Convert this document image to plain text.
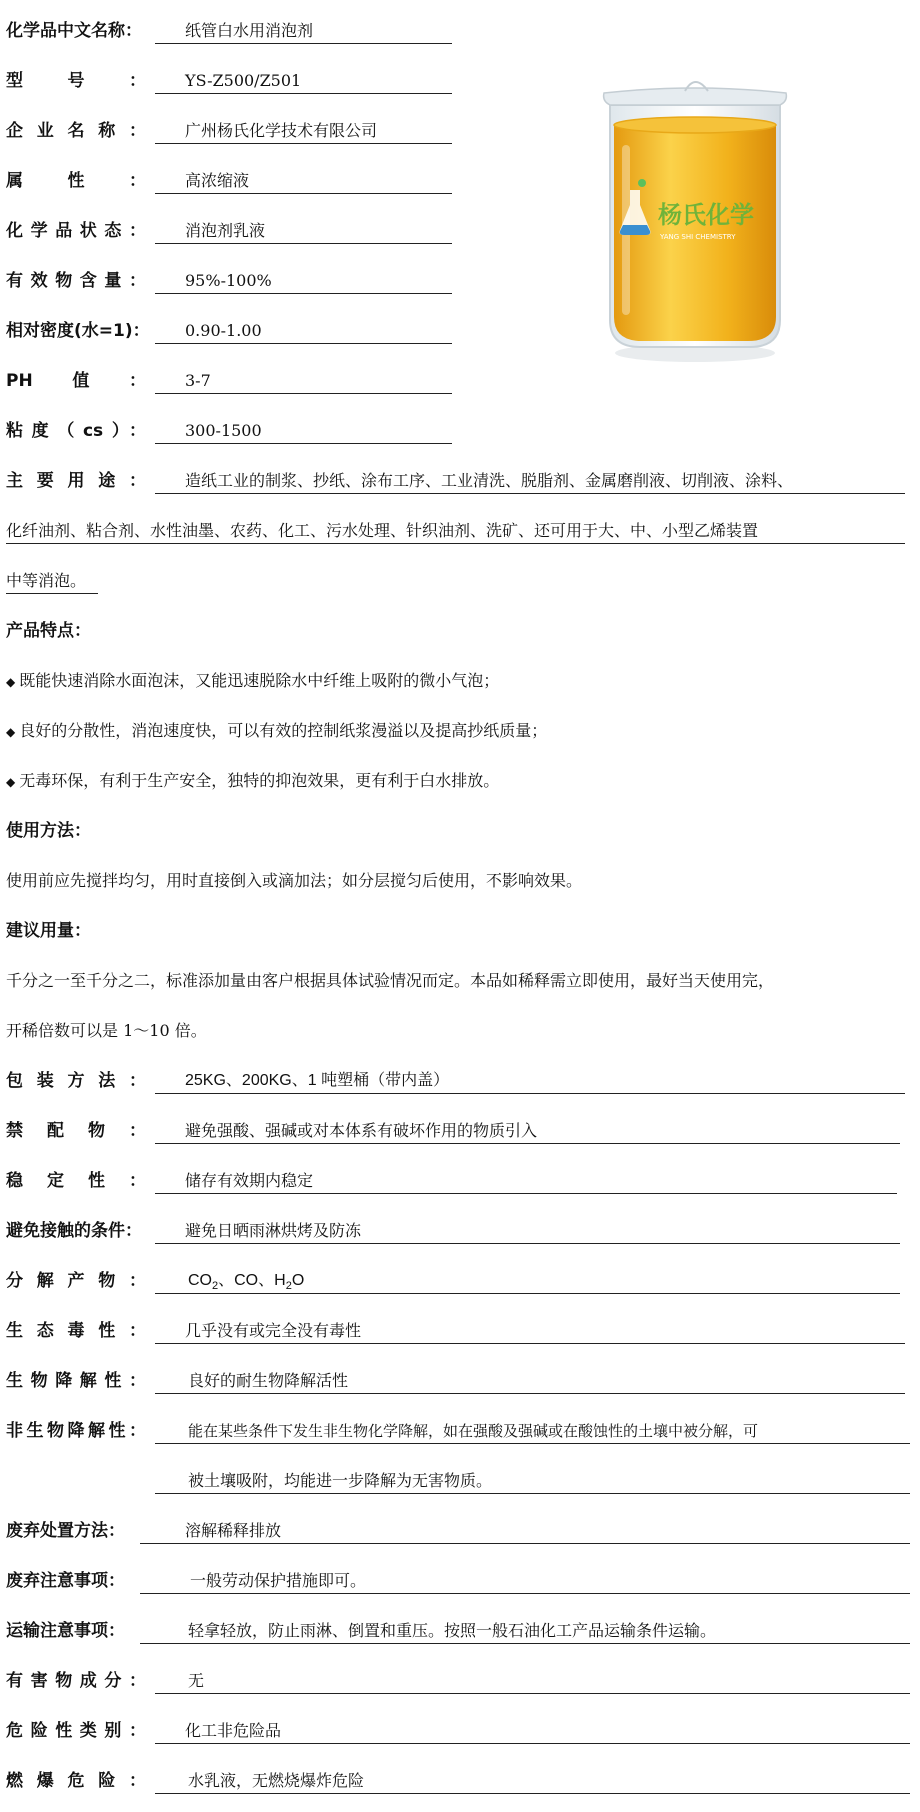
化学品中文名称：	纸管白水用消泡剂
型号： YS-Z500/Z501
企业名称： 广州杨氏化学技术有限公司
属性： 高浓缩液
化学品状态： 消泡剂乳液
有效物含量： 95%-100%
相对密度(水=1)： 0.90-1.00
PH值： 3-7
粘度（cs）： 300-1500
杨氏化学
YANG SHI CHEMISTRY
主要用途： 造纸工业的制浆、抄纸、涂布工序、工业清洗、脱脂剂、金属磨削液、切削液、涂料、
化纤油剂、粘合剂、水性油墨、农药、化工、污水处理、针织油剂、洗矿、还可用于大、中、小型乙烯装置
中等消泡。
产品特点：
◆ 既能快速消除水面泡沫，又能迅速脱除水中纤维上吸附的微小气泡；
◆ 良好的分散性，消泡速度快，可以有效的控制纸浆漫溢以及提高抄纸质量；
◆ 无毒环保，有利于生产安全，独特的抑泡效果，更有利于白水排放。
使用方法：
使用前应先搅拌均匀，用时直接倒入或滴加法；如分层搅匀后使用，不影响效果。
建议用量：
千分之一至千分之二，标准添加量由客户根据具体试验情况而定。本品如稀释需立即使用，最好当天使用完，
开稀倍数可以是 1～10 倍。
包装方法： 25KG、200KG、1 吨塑桶（带内盖）
禁配物： 避免强酸、强碱或对本体系有破坏作用的物质引入
稳定性： 储存有效期内稳定
避免接触的条件：	避免日晒雨淋烘烤及防冻
分解产物：	$CO_2$、CO、$H_2O$
生态毒性： 几乎没有或完全没有毒性
生物降解性：	良好的耐生物降解活性
非生物降解性：	能在某些条件下发生非生物化学降解，如在强酸及强碱或在酸蚀性的土壤中被分解，可
被土壤吸附，均能进一步降解为无害物质。
废弃处置方法：	溶解稀释排放
废弃注意事项：	一般劳动保护措施即可。
运输注意事项：	轻拿轻放，防止雨淋、倒置和重压。按照一般石油化工产品运输条件运输。
有害物成分：	无
危险性类别： 化工非危险品
燃爆危险：	水乳液，无燃烧爆炸危险
